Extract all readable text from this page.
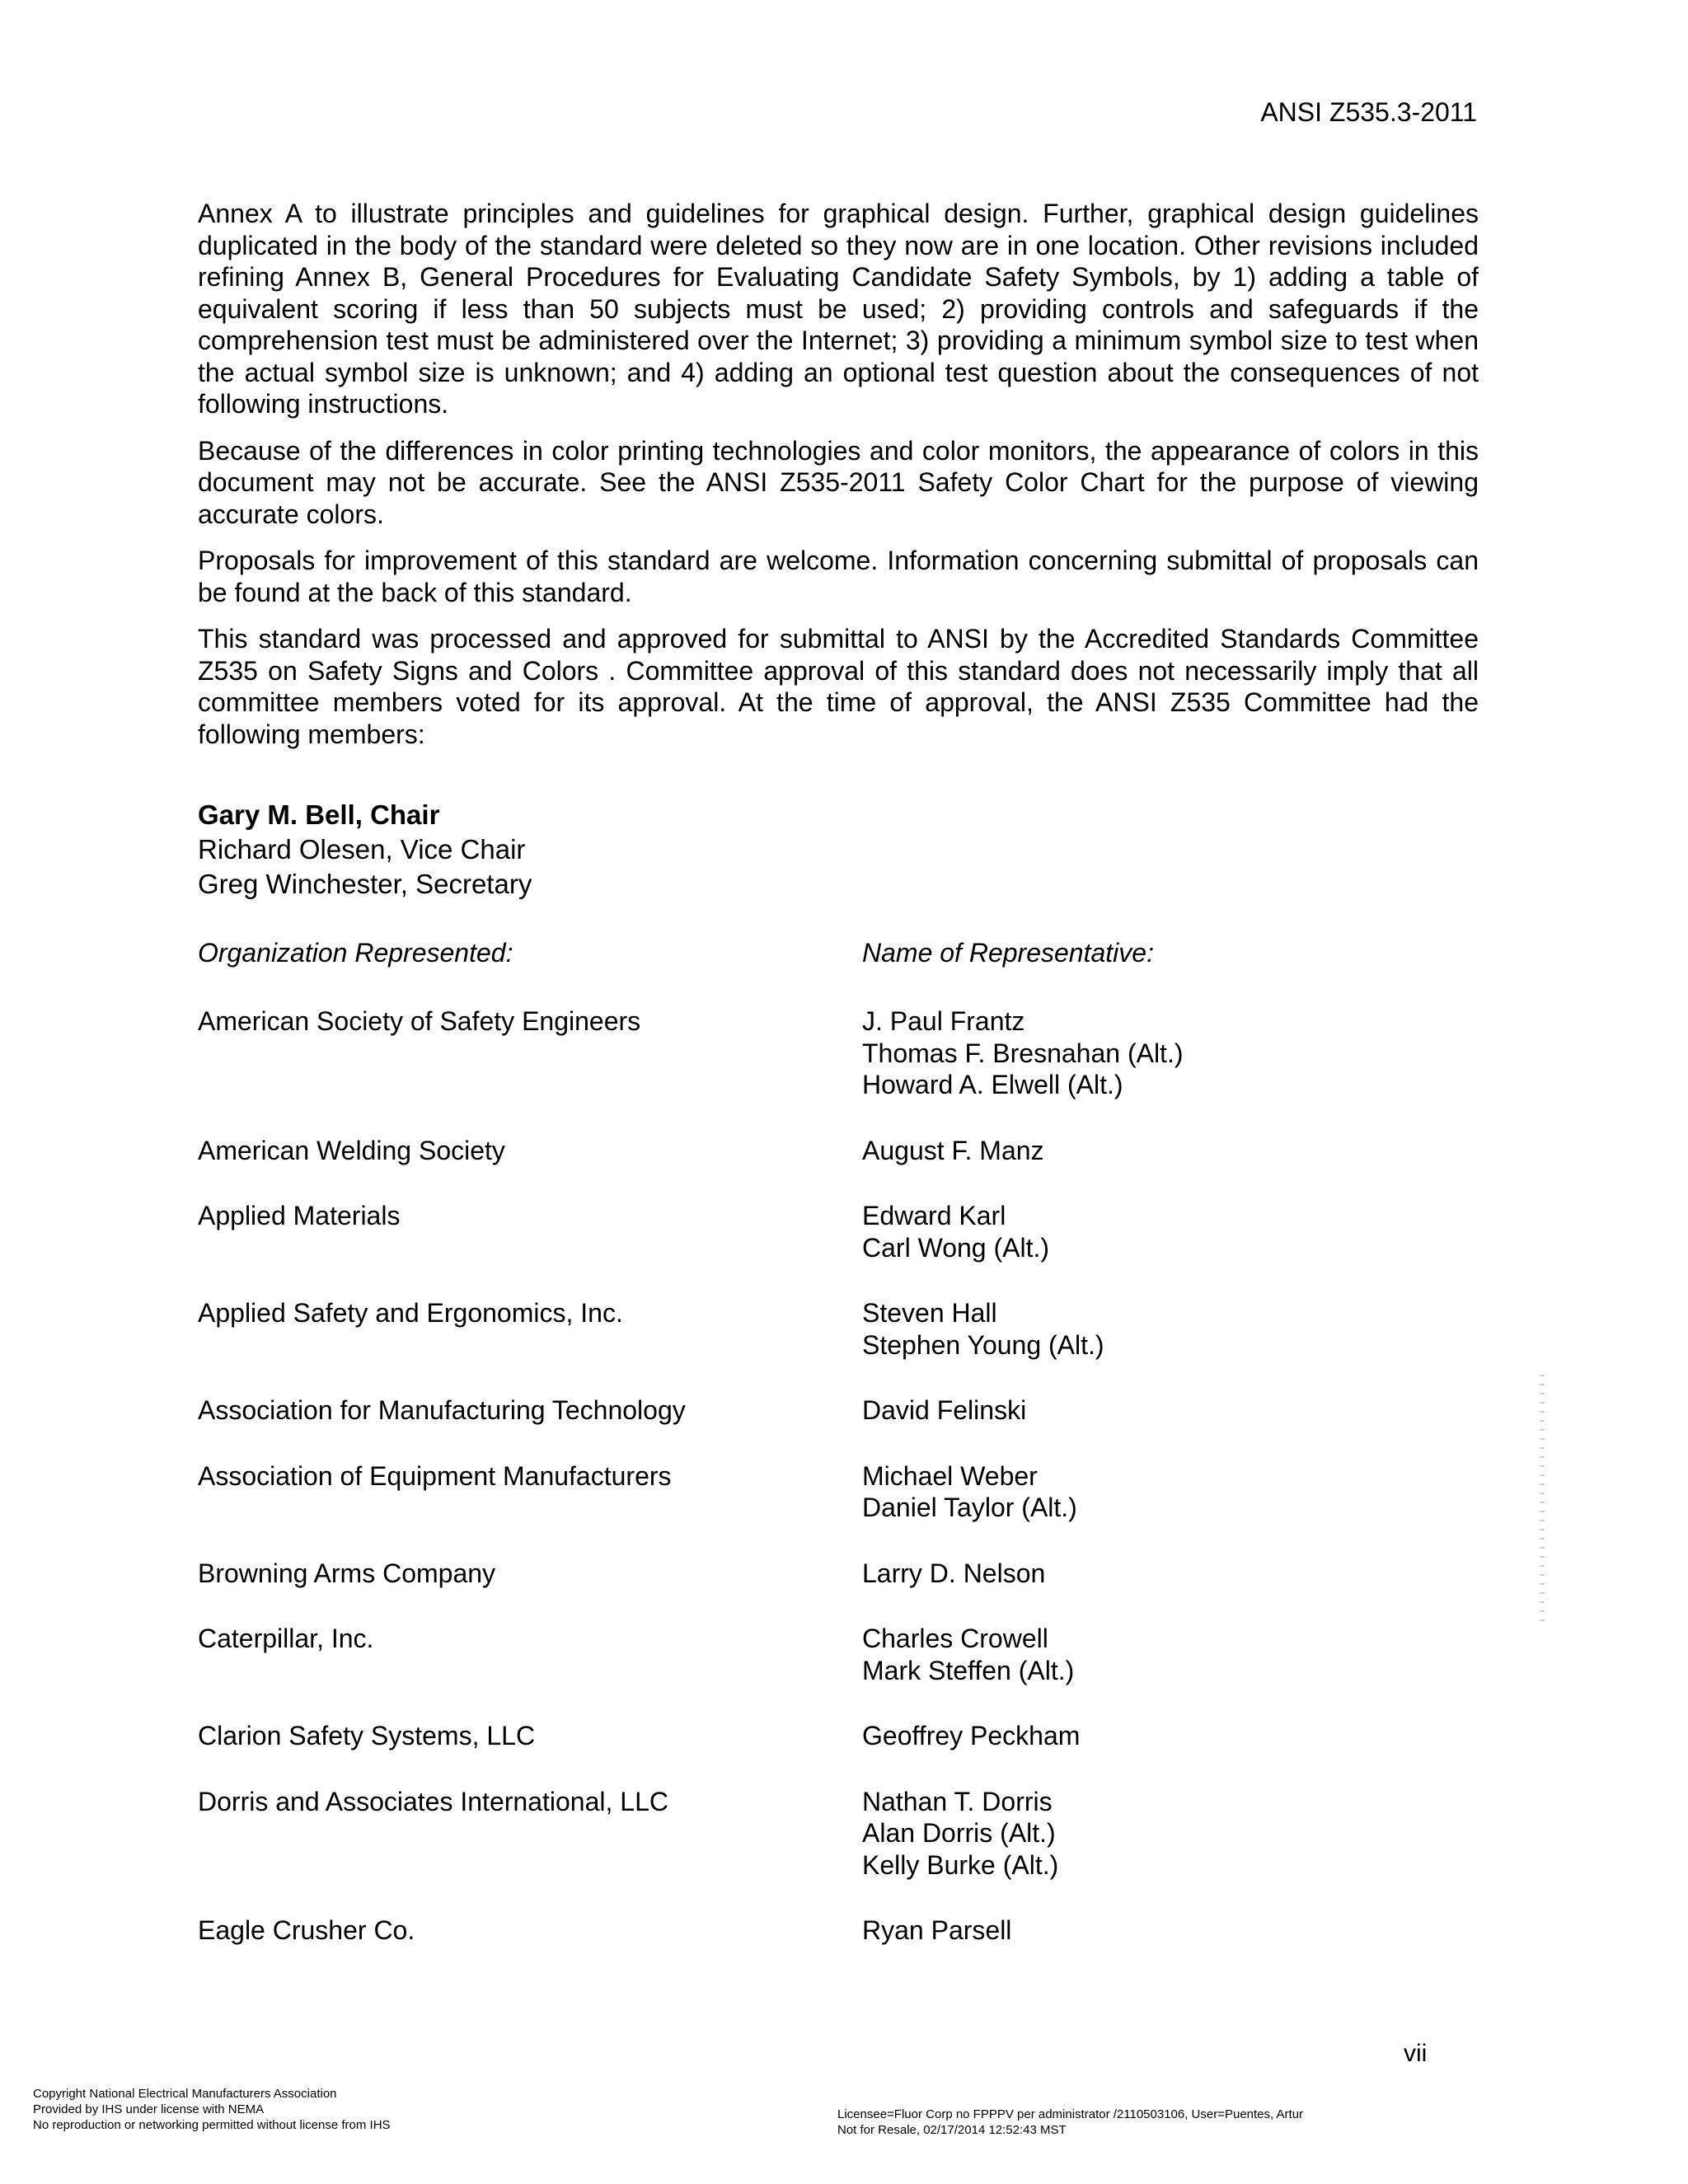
ANSI Z535.3-2011

Annex A to illustrate principles and guidelines for graphical design. Further, graphical design guidelines duplicated in the body of the standard were deleted so they now are in one location. Other revisions included refining Annex B, General Procedures for Evaluating Candidate Safety Symbols, by 1) adding a table of equivalent scoring if less than 50 subjects must be used; 2) providing controls and safeguards if the comprehension test must be administered over the Internet; 3) providing a minimum symbol size to test when the actual symbol size is unknown; and 4) adding an optional test question about the consequences of not following instructions.

Because of the differences in color printing technologies and color monitors, the appearance of colors in this document may not be accurate. See the ANSI Z535-2011 Safety Color Chart for the purpose of viewing accurate colors.

Proposals for improvement of this standard are welcome. Information concerning submittal of proposals can be found at the back of this standard.

This standard was processed and approved for submittal to ANSI by the Accredited Standards Committee Z535 on Safety Signs and Colors . Committee approval of this standard does not necessarily imply that all committee members voted for its approval. At the time of approval, the ANSI Z535 Committee had the following members:

Gary M. Bell, Chair
Richard Olesen, Vice Chair
Greg Winchester, Secretary
Organization Represented:	Name of Representative:
American Society of Safety Engineers	J. Paul Frantz
Thomas F. Bresnahan (Alt.)
Howard A. Elwell (Alt.)
American Welding Society	August F. Manz
Applied Materials	Edward Karl
Carl Wong (Alt.)
Applied Safety and Ergonomics, Inc.	Steven Hall
Stephen Young (Alt.)
Association for Manufacturing Technology	David Felinski
Association of Equipment Manufacturers	Michael Weber
Daniel Taylor (Alt.)
Browning Arms Company	Larry D. Nelson
Caterpillar, Inc.	Charles Crowell
Mark Steffen (Alt.)
Clarion Safety Systems, LLC	Geoffrey Peckham
Dorris and Associates International, LLC	Nathan T. Dorris
Alan Dorris (Alt.)
Kelly Burke (Alt.)
Eagle Crusher Co.	Ryan Parsell
vii
Copyright National Electrical Manufacturers Association
Provided by IHS under license with NEMA
No reproduction or networking permitted without license from IHS
Licensee=Fluor Corp no FPPPV per administrator /2110503106, User=Puentes, Artur
Not for Resale, 02/17/2014 12:52:43 MST
